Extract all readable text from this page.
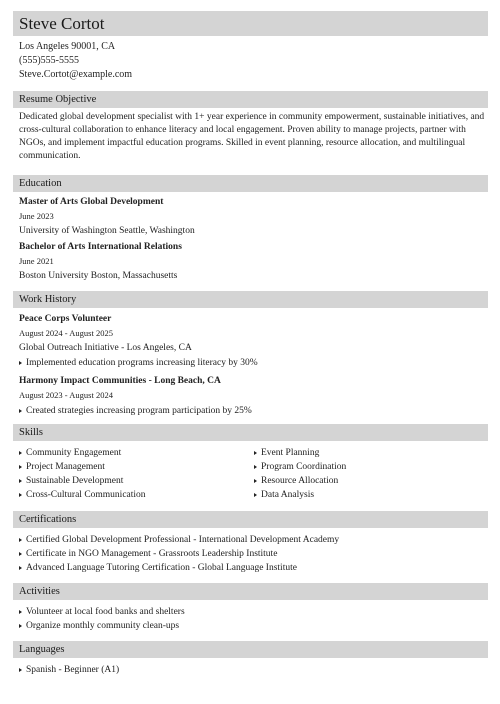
Steve Cortot
Los Angeles 90001, CA
(555)555-5555
Steve.Cortot@example.com
Resume Objective
Dedicated global development specialist with 1+ year experience in community empowerment, sustainable initiatives, and cross-cultural collaboration to enhance literacy and local engagement. Proven ability to manage projects, partner with NGOs, and implement impactful education programs. Skilled in event planning, resource allocation, and multilingual communication.
Education
Master of Arts Global Development
June 2023
University of Washington Seattle, Washington
Bachelor of Arts International Relations
June 2021
Boston University Boston, Massachusetts
Work History
Peace Corps Volunteer
August 2024 - August 2025
Global Outreach Initiative - Los Angeles, CA
Implemented education programs increasing literacy by 30%
Harmony Impact Communities - Long Beach, CA
August 2023 - August 2024
Created strategies increasing program participation by 25%
Skills
Community Engagement
Project Management
Sustainable Development
Cross-Cultural Communication
Event Planning
Program Coordination
Resource Allocation
Data Analysis
Certifications
Certified Global Development Professional - International Development Academy
Certificate in NGO Management - Grassroots Leadership Institute
Advanced Language Tutoring Certification - Global Language Institute
Activities
Volunteer at local food banks and shelters
Organize monthly community clean-ups
Languages
Spanish - Beginner (A1)
